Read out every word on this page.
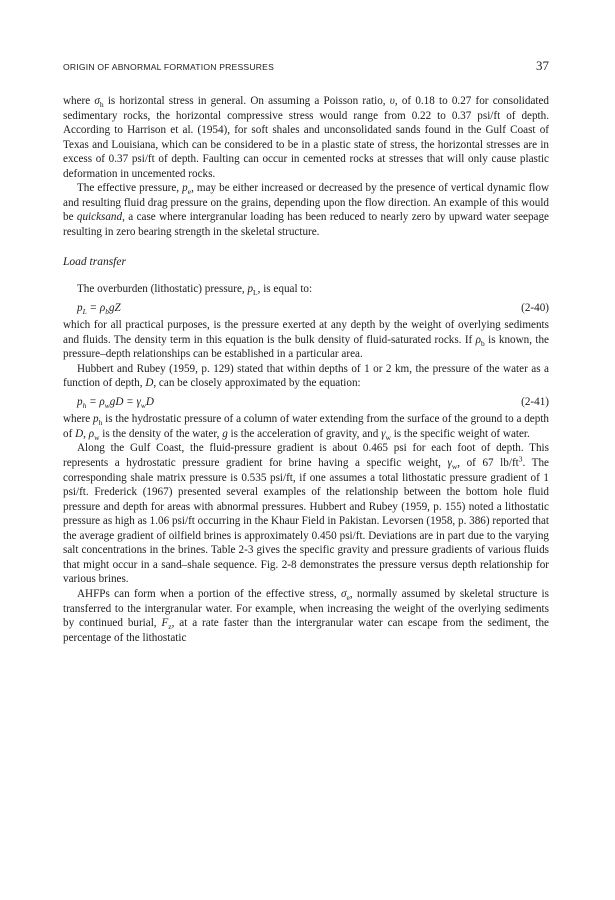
ORIGIN OF ABNORMAL FORMATION PRESSURES	37

where $\sigma_h$ is horizontal stress in general. On assuming a Poisson ratio, υ, of 0.18 to 0.27 for consolidated sedimentary rocks, the horizontal compressive stress would range from 0.22 to 0.37 psi/ft of depth. According to Harrison et al. (1954), for soft shales and unconsolidated sands found in the Gulf Coast of Texas and Louisiana, which can be considered to be in a plastic state of stress, the horizontal stresses are in excess of 0.37 psi/ft of depth. Faulting can occur in cemented rocks at stresses that will only cause plastic deformation in uncemented rocks.

The effective pressure, $p_e$, may be either increased or decreased by the presence of vertical dynamic flow and resulting fluid drag pressure on the grains, depending upon the flow direction. An example of this would be quicksand, a case where intergranular loading has been reduced to nearly zero by upward water seepage resulting in zero bearing strength in the skeletal structure.

Load transfer

The overburden (lithostatic) pressure, $p_L$, is equal to:

$p_L = \rho_bgZ$	(2-40)

which for all practical purposes, is the pressure exerted at any depth by the weight of overlying sediments and fluids. The density term in this equation is the bulk density of fluid-saturated rocks. If $\rho_b$ is known, the pressure–depth relationships can be established in a particular area.

Hubbert and Rubey (1959, p. 129) stated that within depths of 1 or 2 km, the pressure of the water as a function of depth, D, can be closely approximated by the equation:

$p_h = \rho_wgD = \gamma_wD$	(2-41)

where $p_h$ is the hydrostatic pressure of a column of water extending from the surface of the ground to a depth of D, $\rho_w$ is the density of the water, g is the acceleration of gravity, and $\gamma_w$ is the specific weight of water.

Along the Gulf Coast, the fluid-pressure gradient is about 0.465 psi for each foot of depth. This represents a hydrostatic pressure gradient for brine having a specific weight, $\gamma_w$, of 67 $lb/ft^3$. The corresponding shale matrix pressure is 0.535 psi/ft, if one assumes a total lithostatic pressure gradient of 1 psi/ft. Frederick (1967) presented several examples of the relationship between the bottom hole fluid pressure and depth for areas with abnormal pressures. Hubbert and Rubey (1959, p. 155) noted a lithostatic pressure as high as 1.06 psi/ft occurring in the Khaur Field in Pakistan. Levorsen (1958, p. 386) reported that the average gradient of oilfield brines is approximately 0.450 psi/ft. Deviations are in part due to the varying salt concentrations in the brines. Table 2-3 gives the specific gravity and pressure gradients of various fluids that might occur in a sand–shale sequence. Fig. 2-8 demonstrates the pressure versus depth relationship for various brines.

AHFPs can form when a portion of the effective stress, $\sigma_e$, normally assumed by skeletal structure is transferred to the intergranular water. For example, when increasing the weight of the overlying sediments by continued burial, $F_z$, at a rate faster than the intergranular water can escape from the sediment, the percentage of the lithostatic
